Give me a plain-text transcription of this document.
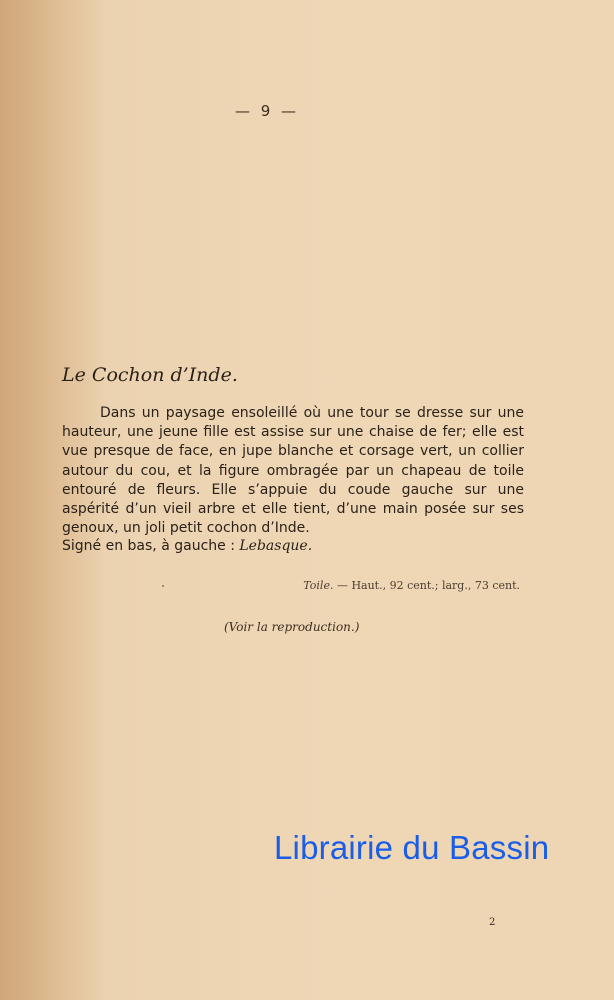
— 9 —
Le Cochon d’Inde.

Dans un paysage ensoleillé où une tour se dresse sur une hauteur, une jeune fille est assise sur une chaise de fer; elle est vue presque de face, en jupe blanche et corsage vert, un collier autour du cou, et la figure ombragée par un chapeau de toile entouré de fleurs. Elle s’appuie du coude gauche sur une aspérité d’un vieil arbre et elle tient, d’une main posée sur ses genoux, un joli petit cochon d’Inde.

Signé en bas, à gauche : Lebasque.

Toile. — Haut., 92 cent.; larg., 73 cent.

(Voir la reproduction.)

Librairie du Bassin

2
